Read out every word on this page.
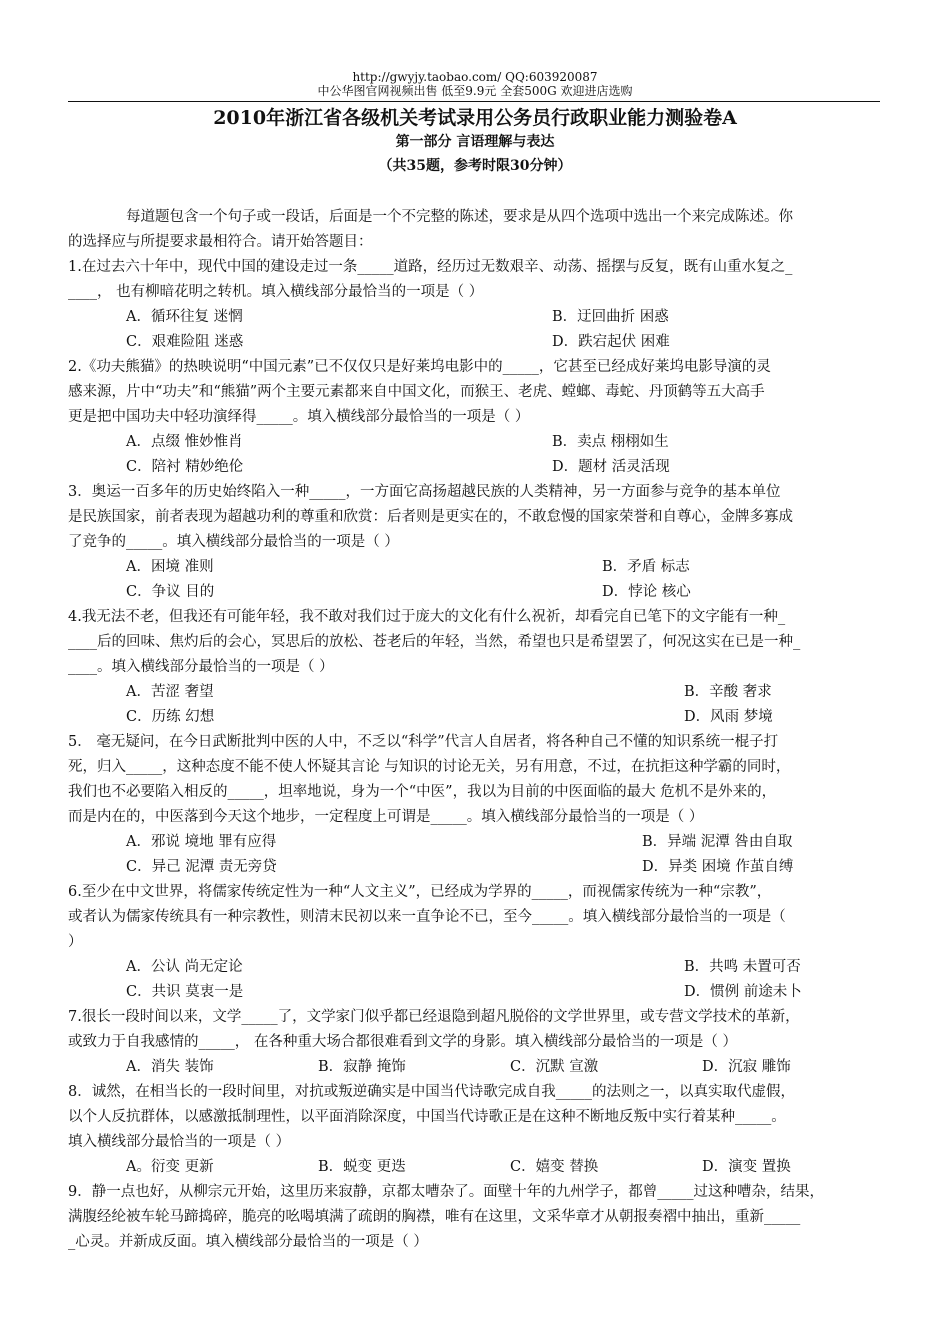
http://gwyjy.taobao.com/ QQ:603920087
中公华图官网视频出售 低至9.9元 全套500G 欢迎进店选购
2010年浙江省各级机关考试录用公务员行政职业能力测验卷A
第一部分 言语理解与表达
（共35题，参考时限30分钟）
每道题包含一个句子或一段话，后面是一个不完整的陈述，要求是从四个选项中选出一个来完成陈述。你
的选择应与所提要求最相符合。请开始答题目：
1.在过去六十年中，现代中国的建设走过一条_____道路，经历过无数艰辛、动荡、摇摆与反复，既有山重水复之_
____， 也有柳暗花明之转机。填入横线部分最恰当的一项是（ ）
A．循环往复 迷惘	B．迂回曲折 困惑
C．艰难险阻 迷惑	D．跌宕起伏 困难
2.《功夫熊猫》的热映说明“中国元素”已不仅仅只是好莱坞电影中的_____，它甚至已经成好莱坞电影导演的灵
感来源，片中“功夫”和“熊猫”两个主要元素都来自中国文化，而猴王、老虎、螳螂、毒蛇、丹顶鹤等五大高手
更是把中国功夫中轻功演绎得_____。填入横线部分最恰当的一项是（ ）
A．点缀 惟妙惟肖	B．卖点 栩栩如生
C．陪衬 精妙绝伦	D．题材 活灵活现
3．奥运一百多年的历史始终陷入一种_____，一方面它高扬超越民族的人类精神，另一方面参与竞争的基本单位
是民族国家，前者表现为超越功利的尊重和欣赏：后者则是更实在的，不敢怠慢的国家荣誉和自尊心，金牌多寡成
了竞争的_____。填入横线部分最恰当的一项是（ ）
A．困境 准则	B．矛盾 标志
C．争议 目的	D．悖论 核心
4.我无法不老，但我还有可能年轻，我不敢对我们过于庞大的文化有什么祝祈，却看完自已笔下的文字能有一种_
____后的回味、焦灼后的会心，冥思后的放松、苍老后的年轻，当然，希望也只是希望罢了，何况这实在已是一种_
____。填入横线部分最恰当的一项是（ ）
A．苦涩 奢望	B．辛酸 奢求
C．历练 幻想	D．风雨 梦境
5． 毫无疑问，在今日武断批判中医的人中，不乏以“科学”代言人自居者，将各种自己不懂的知识系统一棍子打
死，归入_____，这种态度不能不使人怀疑其言论 与知识的讨论无关，另有用意，不过，在抗拒这种学霸的同时，
我们也不必要陷入相反的_____，坦率地说，身为一个“中医”，我以为目前的中医面临的最大 危机不是外来的，
而是内在的，中医落到今天这个地步，一定程度上可谓是_____。填入横线部分最恰当的一项是（ ）
A．邪说 境地 罪有应得	B．异端 泥潭 咎由自取
C．异己 泥潭 责无旁贷	D．异类 困境 作茧自缚
6.至少在中文世界，将儒家传统定性为一种“人文主义”，已经成为学界的_____，而视儒家传统为一种“宗教”，
或者认为儒家传统具有一种宗教性，则清末民初以来一直争论不已，至今_____。填入横线部分最恰当的一项是（
）
A．公认 尚无定论	B．共鸣 未置可否
C．共识 莫衷一是	D．惯例 前途未卜
7.很长一段时间以来，文学_____了，文学家门似乎都已经退隐到超凡脱俗的文学世界里，或专营文学技术的革新，
或致力于自我感情的_____， 在各种重大场合都很难看到文学的身影。填入横线部分最恰当的一项是（ ）
A．消失 装饰	B．寂静 掩饰	C．沉默 宣激	D．沉寂 雕饰
8．诚然，在相当长的一段时间里，对抗或叛逆确实是中国当代诗歌完成自我_____的法则之一，以真实取代虚假，
以个人反抗群体，以感激抵制理性，以平面消除深度，中国当代诗歌正是在这种不断地反叛中实行着某种_____。
填入横线部分最恰当的一项是（ ）
A。衍变 更新	B．蜕变 更迭	C．嬉变 替换	D．演变 置换
9．静一点也好，从柳宗元开始，这里历来寂静，京都太嘈杂了。面壁十年的九州学子，都曾_____过这种嘈杂，结果，
满腹经纶被车轮马蹄捣碎，脆亮的吆喝填满了疏朗的胸襟，唯有在这里，文采华章才从朝报奏褶中抽出，重新_____
_心灵。并新成反面。填入横线部分最恰当的一项是（ ）
